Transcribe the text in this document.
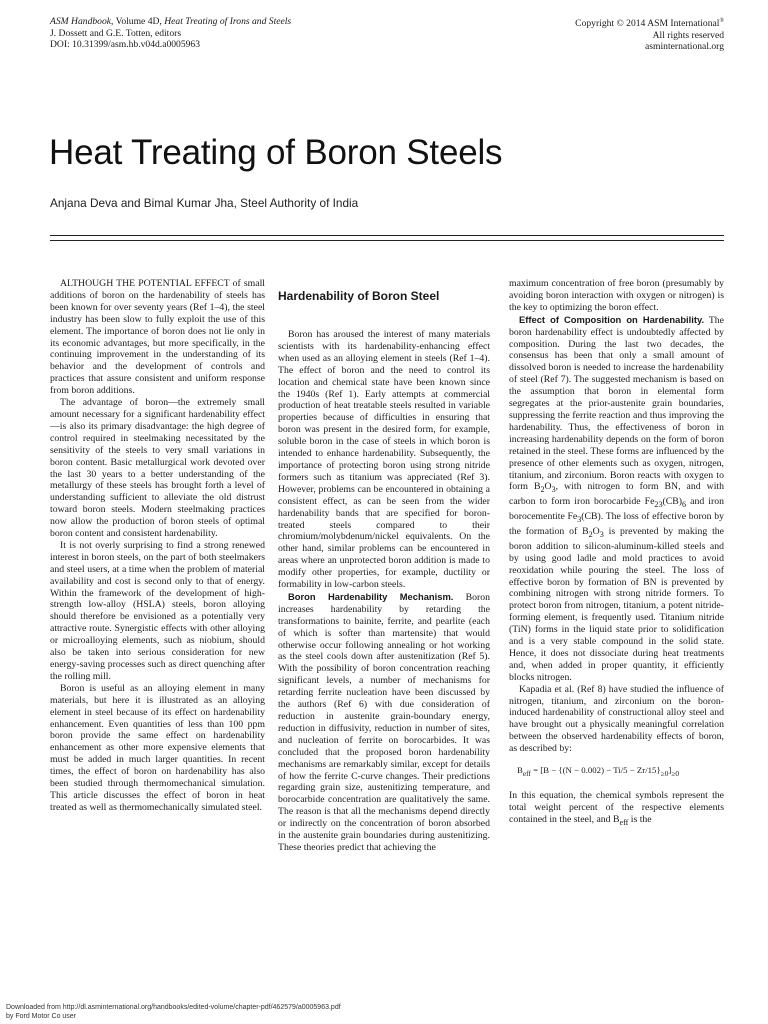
ASM Handbook, Volume 4D, Heat Treating of Irons and Steels
J. Dossett and G.E. Totten, editors
DOI: 10.31399/asm.hb.v04d.a0005963
Copyright © 2014 ASM International®
All rights reserved
asminternational.org
Heat Treating of Boron Steels
Anjana Deva and Bimal Kumar Jha, Steel Authority of India

ALTHOUGH THE POTENTIAL EFFECT of small additions of boron on the hardenability of steels has been known for over seventy years (Ref 1–4), the steel industry has been slow to fully exploit the use of this element. The importance of boron does not lie only in its economic advantages, but more specifically, in the continuing improvement in the understanding of its behavior and the development of controls and practices that assure consistent and uniform response from boron additions.

The advantage of boron—the extremely small amount necessary for a significant hardenability effect—is also its primary disadvantage: the high degree of control required in steelmaking necessitated by the sensitivity of the steels to very small variations in boron content. Basic metallurgical work devoted over the last 30 years to a better understanding of the metallurgy of these steels has brought forth a level of understanding sufficient to alleviate the old distrust toward boron steels. Modern steelmaking practices now allow the production of boron steels of optimal boron content and consistent hardenability.

It is not overly surprising to find a strong renewed interest in boron steels, on the part of both steelmakers and steel users, at a time when the problem of material availability and cost is second only to that of energy. Within the framework of the development of high-strength low-alloy (HSLA) steels, boron alloying should therefore be envisioned as a potentially very attractive route. Synergistic effects with other alloying or microalloying elements, such as niobium, should also be taken into serious consideration for new energy-saving processes such as direct quenching after the rolling mill.

Boron is useful as an alloying element in many materials, but here it is illustrated as an alloying element in steel because of its effect on hardenability enhancement. Even quantities of less than 100 ppm boron provide the same effect on hardenability enhancement as other more expensive elements that must be added in much larger quantities. In recent times, the effect of boron on hardenability has also been studied through thermomechanical simulation. This article discusses the effect of boron in heat treated as well as thermomechanically simulated steel.

Hardenability of Boron Steel

Boron has aroused the interest of many materials scientists with its hardenability-enhancing effect when used as an alloying element in steels (Ref 1–4). The effect of boron and the need to control its location and chemical state have been known since the 1940s (Ref 1). Early attempts at commercial production of heat treatable steels resulted in variable properties because of difficulties in ensuring that boron was present in the desired form, for example, soluble boron in the case of steels in which boron is intended to enhance hardenability. Subsequently, the importance of protecting boron using strong nitride formers such as titanium was appreciated (Ref 3). However, problems can be encountered in obtaining a consistent effect, as can be seen from the wider hardenability bands that are specified for boron-treated steels compared to their chromium/molybdenum/nickel equivalents. On the other hand, similar problems can be encountered in areas where an unprotected boron addition is made to modify other properties, for example, ductility or formability in low-carbon steels.

Boron Hardenability Mechanism. Boron increases hardenability by retarding the transformations to bainite, ferrite, and pearlite (each of which is softer than martensite) that would otherwise occur following annealing or hot working as the steel cools down after austenitization (Ref 5). With the possibility of boron concentration reaching significant levels, a number of mechanisms for retarding ferrite nucleation have been discussed by the authors (Ref 6) with due consideration of reduction in austenite grain-boundary energy, reduction in diffusivity, reduction in number of sites, and nucleation of ferrite on borocarbides. It was concluded that the proposed boron hardenability mechanisms are remarkably similar, except for details of how the ferrite C-curve changes. Their predictions regarding grain size, austenitizing temperature, and borocarbide concentration are qualitatively the same. The reason is that all the mechanisms depend directly or indirectly on the concentration of boron absorbed in the austenite grain boundaries during austenitizing. These theories predict that achieving the

maximum concentration of free boron (presumably by avoiding boron interaction with oxygen or nitrogen) is the key to optimizing the boron effect.

Effect of Composition on Hardenability. The boron hardenability effect is undoubtedly affected by composition. During the last two decades, the consensus has been that only a small amount of dissolved boron is needed to increase the hardenability of steel (Ref 7). The suggested mechanism is based on the assumption that boron in elemental form segregates at the prior-austenite grain boundaries, suppressing the ferrite reaction and thus improving the hardenability. Thus, the effectiveness of boron in increasing hardenability depends on the form of boron retained in the steel. These forms are influenced by the presence of other elements such as oxygen, nitrogen, titanium, and zirconium. Boron reacts with oxygen to form $B_2O_3$, with nitrogen to form BN, and with carbon to form iron borocarbide $Fe_{23}(CB)_6$ and iron borocementite $Fe_3(CB)$. The loss of effective boron by the formation of $B_2O_3$ is prevented by making the boron addition to silicon-aluminum-killed steels and by using good ladle and mold practices to avoid reoxidation while pouring the steel. The loss of effective boron by formation of BN is prevented by combining nitrogen with strong nitride formers. To protect boron from nitrogen, titanium, a potent nitride-forming element, is frequently used. Titanium nitride (TiN) forms in the liquid state prior to solidification and is a very stable compound in the solid state. Hence, it does not dissociate during heat treatments and, when added in proper quantity, it efficiently blocks nitrogen.

Kapadia et al. (Ref 8) have studied the influence of nitrogen, titanium, and zirconium on the boron-induced hardenability of constructional alloy steel and have brought out a physically meaningful correlation between the observed hardenability effects of boron, as described by:

$B_{eff} = [B - \{(N - 0.002) - Ti/5 - Zr/15\}_{\ge 0}]_{\ge 0}$

In this equation, the chemical symbols represent the total weight percent of the respective elements contained in the steel, and $B_{eff}$ is the

Downloaded from http://dl.asminternational.org/handbooks/edited-volume/chapter-pdf/462579/a0005963.pdf
by Ford Motor Co user
